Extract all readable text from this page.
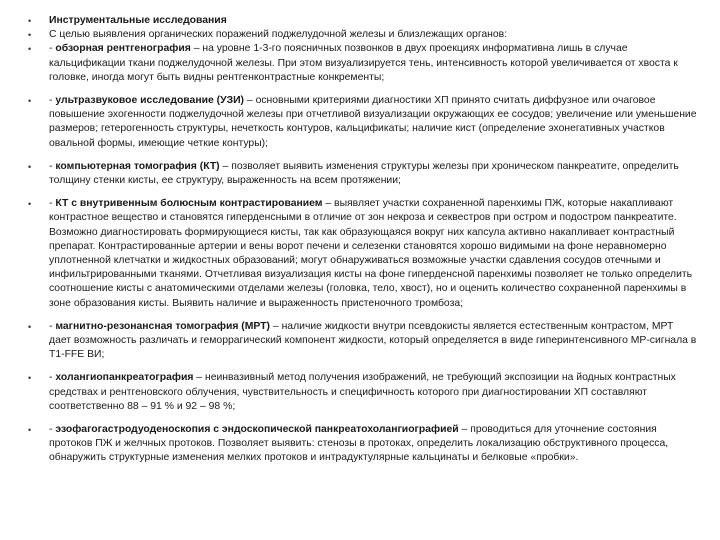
• Инструментальные исследования
• С целью выявления органических поражений поджелудочной железы и близлежащих органов:
• - обзорная рентгенография – на уровне 1-3-го поясничных позвонков в двух проекциях информативна лишь в случае кальцификации ткани поджелудочной железы. При этом визуализируется тень, интенсивность которой увеличивается от хвоста к головке, иногда могут быть видны рентгенконтрастные конкременты;
• - ультразвуковое исследование (УЗИ) – основными критериями диагностики ХП принято считать диффузное или очаговое повышение эхогенности поджелудочной железы при отчетливой визуализации окружающих ее сосудов; увеличение или уменьшение размеров; гетерогенность структуры, нечеткость контуров, кальцификаты; наличие кист (определение эхонегативных участков овальной формы, имеющие четкие контуры);
• - компьютерная томография (КТ) – позволяет выявить изменения структуры железы при хроническом панкреатите, определить толщину стенки кисты, ее структуру, выраженность на всем протяжении;
• - КТ с внутривенным болюсным контрастированием – выявляет участки сохраненной паренхимы ПЖ, которые накапливают контрастное вещество и становятся гиперденсными в отличие от зон некроза и секвестров при остром и подостром панкреатите. Возможно диагностировать формирующиеся кисты, так как образующаяся вокруг них капсула активно накапливает контрастный препарат. Контрастированные артерии и вены ворот печени и селезенки становятся хорошо видимыми на фоне неравномерно уплотненной клетчатки и жидкостных образований; могут обнаруживаться возможные участки сдавления сосудов отечными и инфильтрированными тканями. Отчетливая визуализация кисты на фоне гиперденсной паренхимы позволяет не только определить соотношение кисты с анатомическими отделами железы (головка, тело, хвост), но и оценить количество сохраненной паренхимы в зоне образования кисты. Выявить наличие и выраженность пристеночного тромбоза;
• - магнитно-резонансная томография (МРТ) – наличие жидкости внутри псевдокисты является естественным контрастом, МРТ дает возможность различать и геморрагический компонент жидкости, который определяется в виде гиперинтенсивного МР-сигнала в Т1-FFE ВИ;
• - холангиопанкреатография – неинвазивный метод получения изображений, не требующий экспозиции на йодных контрастных средствах и рентгеновского облучения, чувствительность и специфичность которого при диагностировании ХП составляют соответственно 88 – 91 % и 92 – 98 %;
• - эзофагогастродуоденоскопия с эндоскопической панкреатохолангиографией – проводиться для уточнение состояния протоков ПЖ и желчных протоков. Позволяет выявить: стенозы в протоках, определить локализацию обструктивного процесса, обнаружить структурные изменения мелких протоков и интрадуктулярные кальцинаты и белковые «пробки».
